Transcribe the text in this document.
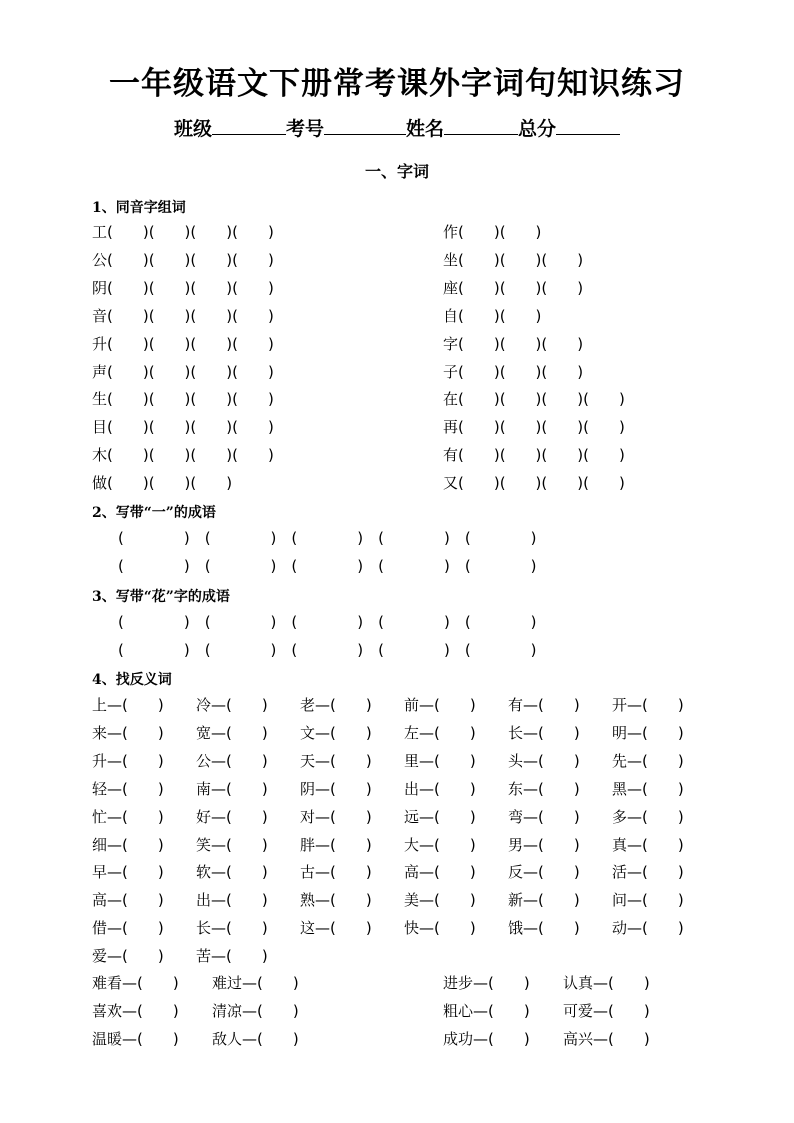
一年级语文下册常考课外字词句知识练习
班级	考号	姓名	总分
一、字词
1、同音字组词
工(　　)(　　)(　　)(　　)	作(　　)(　　)
公(　　)(　　)(　　)(　　)	坐(　　)(　　)(　　)
阴(　　)(　　)(　　)(　　)	座(　　)(　　)(　　)
音(　　)(　　)(　　)(　　)	自(　　)(　　)
升(　　)(　　)(　　)(　　)	字(　　)(　　)(　　)
声(　　)(　　)(　　)(　　)	子(　　)(　　)(　　)
生(　　)(　　)(　　)(　　)	在(　　)(　　)(　　)(　　)
目(　　)(　　)(　　)(　　)	再(　　)(　　)(　　)(　　)
木(　　)(　　)(　　)(　　)	有(　　)(　　)(　　)(　　)
做(　　)(　　)(　　)	又(　　)(　　)(　　)(　　)
2、写带“一”的成语
(　　　　)　(　　　　)　(　　　　)　(　　　　)　(　　　　)
(　　　　)　(　　　　)　(　　　　)　(　　　　)　(　　　　)
3、写带“花”字的成语
(　　　　)　(　　　　)　(　　　　)　(　　　　)　(　　　　)
(　　　　)　(　　　　)　(　　　　)　(　　　　)　(　　　　)
4、找反义词
上—(　　) 冷—(　　) 老—(　　) 前—(　　) 有—(　　) 开—(　　)
来—(　　) 宽—(　　) 文—(　　) 左—(　　) 长—(　　) 明—(　　)
升—(　　) 公—(　　) 天—(　　) 里—(　　) 头—(　　) 先—(　　)
轻—(　　) 南—(　　) 阴—(　　) 出—(　　) 东—(　　) 黑—(　　)
忙—(　　) 好—(　　) 对—(　　) 远—(　　) 弯—(　　) 多—(　　)
细—(　　) 笑—(　　) 胖—(　　) 大—(　　) 男—(　　) 真—(　　)
早—(　　) 软—(　　) 古—(　　) 高—(　　) 反—(　　) 活—(　　)
高—(　　) 出—(　　) 熟—(　　) 美—(　　) 新—(　　) 问—(　　)
借—(　　) 长—(　　) 这—(　　) 快—(　　) 饿—(　　) 动—(　　)
爱—(　　) 苦—(　　)
难看—(　　) 难过—(　　)	进步—(　　) 认真—(　　)
喜欢—(　　) 清凉—(　　)	粗心—(　　) 可爱—(　　)
温暖—(　　) 敌人—(　　)	成功—(　　) 高兴—(　　)
